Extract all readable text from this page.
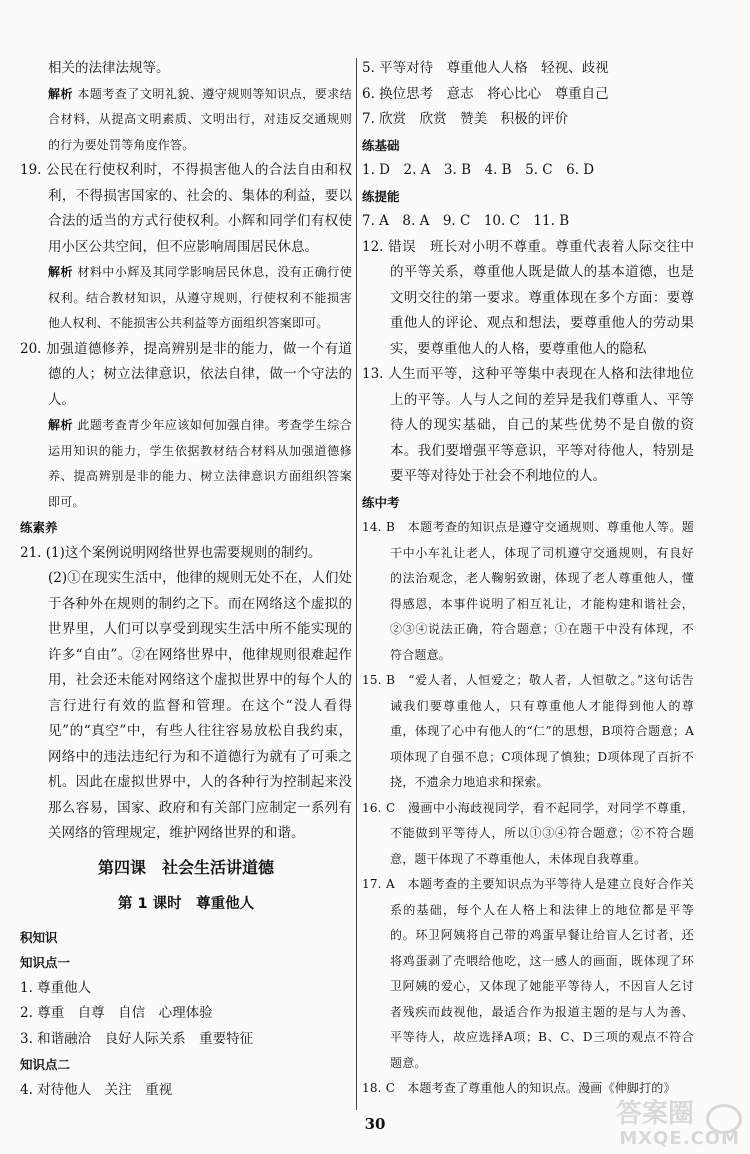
相关的法律法规等。

解析 本题考查了文明礼貌、遵守规则等知识点，要求结合材料，从提高文明素质、文明出行，对违反交通规则的行为要处罚等角度作答。

19. 公民在行使权利时，不得损害他人的合法自由和权利，不得损害国家的、社会的、集体的利益，要以合法的适当的方式行使权利。小辉和同学们有权使用小区公共空间，但不应影响周围居民休息。

解析 材料中小辉及其同学影响居民休息，没有正确行使权利。结合教材知识，从遵守规则，行使权利不能损害他人权利、不能损害公共利益等方面组织答案即可。

20. 加强道德修养，提高辨别是非的能力，做一个有道德的人；树立法律意识，依法自律，做一个守法的人。

解析 此题考查青少年应该如何加强自律。考查学生综合运用知识的能力，学生依据教材结合材料从加强道德修养、提高辨别是非的能力、树立法律意识方面组织答案即可。

练素养

21. (1)这个案例说明网络世界也需要规则的制约。

(2)①在现实生活中，他律的规则无处不在，人们处于各种外在规则的制约之下。而在网络这个虚拟的世界里，人们可以享受到现实生活中所不能实现的许多“自由”。②在网络世界中，他律规则很难起作用，社会还未能对网络这个虚拟世界中的每个人的言行进行有效的监督和管理。在这个“没人看得见”的“真空”中，有些人往往容易放松自我约束，网络中的违法违纪行为和不道德行为就有了可乘之机。因此在虚拟世界中，人的各种行为控制起来没那么容易，国家、政府和有关部门应制定一系列有关网络的管理规定，维护网络世界的和谐。

第四课　社会生活讲道德
第 1 课时　尊重他人
积知识
知识点一

1. 尊重他人

2. 尊重　自尊　自信　心理体验

3. 和谐融洽　良好人际关系　重要特征

知识点二

4. 对待他人　关注　重视

5. 平等对待　尊重他人人格　轻视、歧视

6. 换位思考　意志　将心比心　尊重自己

7. 欣赏　欣赏　赞美　积极的评价

练基础

1. D　2. A　3. B　4. B　5. C　6. D

练提能

7. A　8. A　9. C　10. C　11. B

12. 错误　班长对小明不尊重。尊重代表着人际交往中的平等关系，尊重他人既是做人的基本道德，也是文明交往的第一要求。尊重体现在多个方面：要尊重他人的评论、观点和想法，要尊重他人的劳动果实，要尊重他人的人格，要尊重他人的隐私

13. 人生而平等，这种平等集中表现在人格和法律地位上的平等。人与人之间的差异是我们尊重人、平等待人的现实基础，自己的某些优势不是自傲的资本。我们要增强平等意识，平等对待他人，特别是要平等对待处于社会不利地位的人。

练中考

14. B　本题考查的知识点是遵守交通规则、尊重他人等。题干中小车礼让老人，体现了司机遵守交通规则，有良好的法治观念，老人鞠躬致谢，体现了老人尊重他人，懂得感恩，本事件说明了相互礼让，才能构建和谐社会，②③④说法正确，符合题意；①在题干中没有体现，不符合题意。

15. B　“爱人者，人恒爱之；敬人者，人恒敬之。”这句话告诫我们要尊重他人，只有尊重他人才能得到他人的尊重，体现了心中有他人的“仁”的思想，B项符合题意；A项体现了自强不息；C项体现了慎独；D项体现了百折不挠，不遗余力地追求和探索。

16. C　漫画中小海歧视同学，看不起同学，对同学不尊重，不能做到平等待人，所以①③④符合题意；②不符合题意，题干体现了不尊重他人，未体现自我尊重。

17. A　本题考查的主要知识点为平等待人是建立良好合作关系的基础，每个人在人格上和法律上的地位都是平等的。环卫阿姨将自己带的鸡蛋早餐让给盲人乞讨者，还将鸡蛋剥了壳喂给他吃，这一感人的画面，既体现了环卫阿姨的爱心，又体现了她能平等待人，不因盲人乞讨者残疾而歧视他，最适合作为报道主题的是与人为善、平等待人，故应选择A项；B、C、D三项的观点不符合题意。

18. C　本题考查了尊重他人的知识点。漫画《伸脚打的》

30	答案圈
MXQE.COM
